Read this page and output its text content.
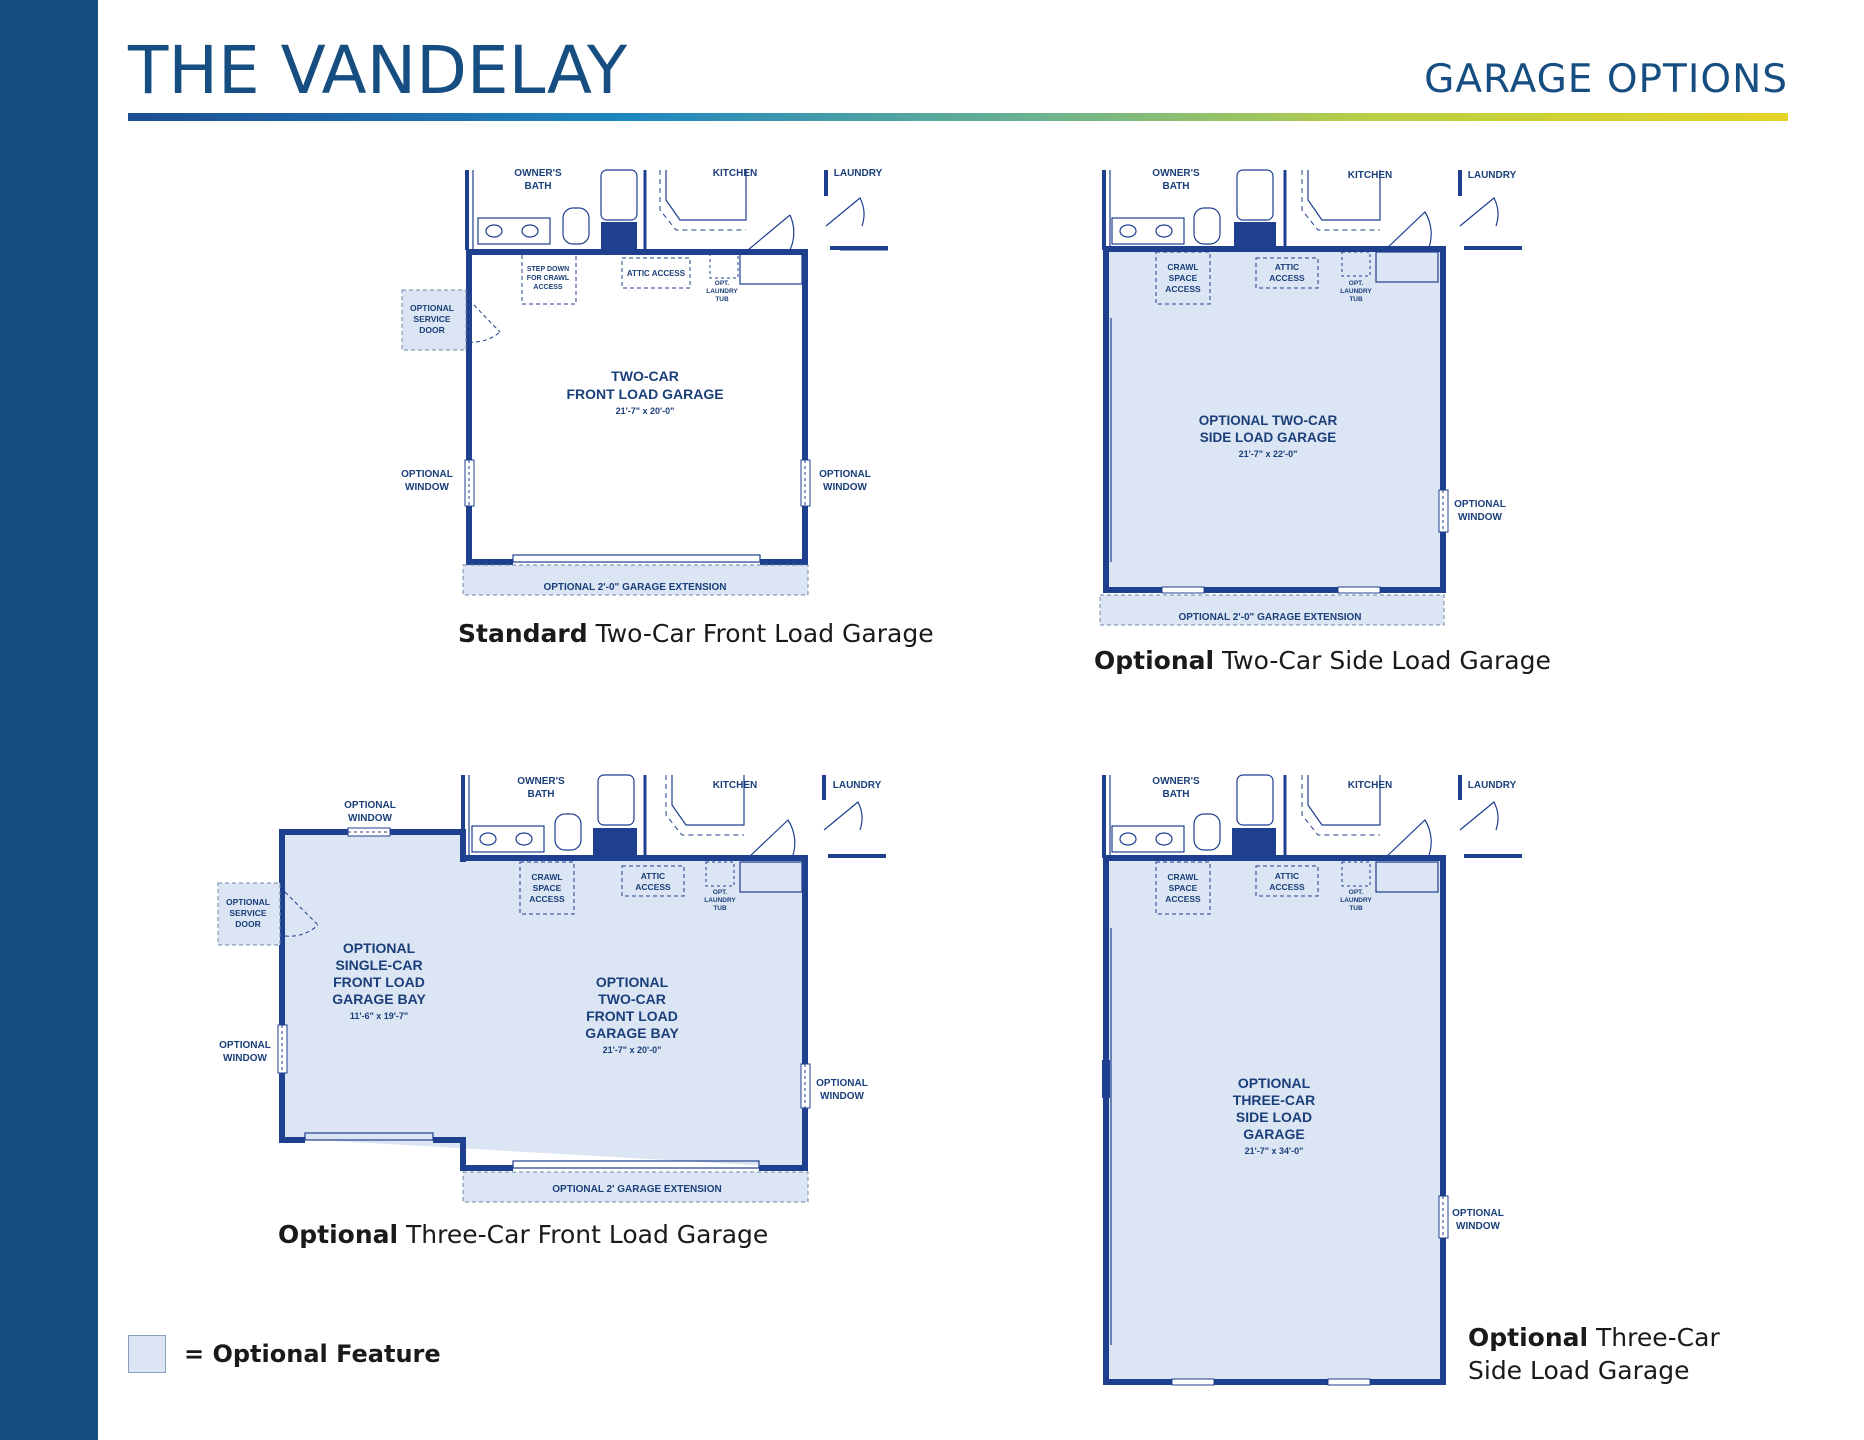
THE VANDELAY	GARAGE OPTIONS
OWNER'S
BATH
KITCHEN	LAUNDRY
STEP DOWN
FOR CRAWL
ACCESS
ATTIC ACCESS
OPT.
LAUNDRY
TUB
OPTIONAL
SERVICE
DOOR
TWO-CAR
FRONT LOAD GARAGE
21'-7" x 20'-0"
OPTIONAL
WINDOW
OPTIONAL
WINDOW
OPTIONAL 2'-0" GARAGE EXTENSION
Standard Two-Car Front Load Garage
OWNER'S
BATH
KITCHEN	LAUNDRY
CRAWL
SPACE
ACCESS
ATTIC
ACCESS
OPT.
LAUNDRY
TUB
OPTIONAL TWO-CAR
SIDE LOAD GARAGE
21'-7" x 22'-0"
OPTIONAL
WINDOW
OPTIONAL 2'-0" GARAGE EXTENSION
Optional Two-Car Side Load Garage
OWNER'S
BATH
KITCHEN	LAUNDRY
OPTIONAL
WINDOW
CRAWL
SPACE
ACCESS
ATTIC
ACCESS
OPT.
LAUNDRY
TUB
OPTIONAL
SERVICE
DOOR
OPTIONAL
SINGLE-CAR
FRONT LOAD
GARAGE BAY
11'-6" x 19'-7"
OPTIONAL
TWO-CAR
FRONT LOAD
GARAGE BAY
21'-7" x 20'-0"
OPTIONAL
WINDOW
OPTIONAL
WINDOW
OPTIONAL 2' GARAGE EXTENSION
Optional Three-Car Front Load Garage
OWNER'S
BATH
KITCHEN	LAUNDRY
CRAWL
SPACE
ACCESS
ATTIC
ACCESS
OPT.
LAUNDRY
TUB
OPTIONAL
THREE-CAR
SIDE LOAD
GARAGE
21'-7" x 34'-0"
OPTIONAL
WINDOW
Optional Three-Car
Side Load Garage
= Optional Feature
